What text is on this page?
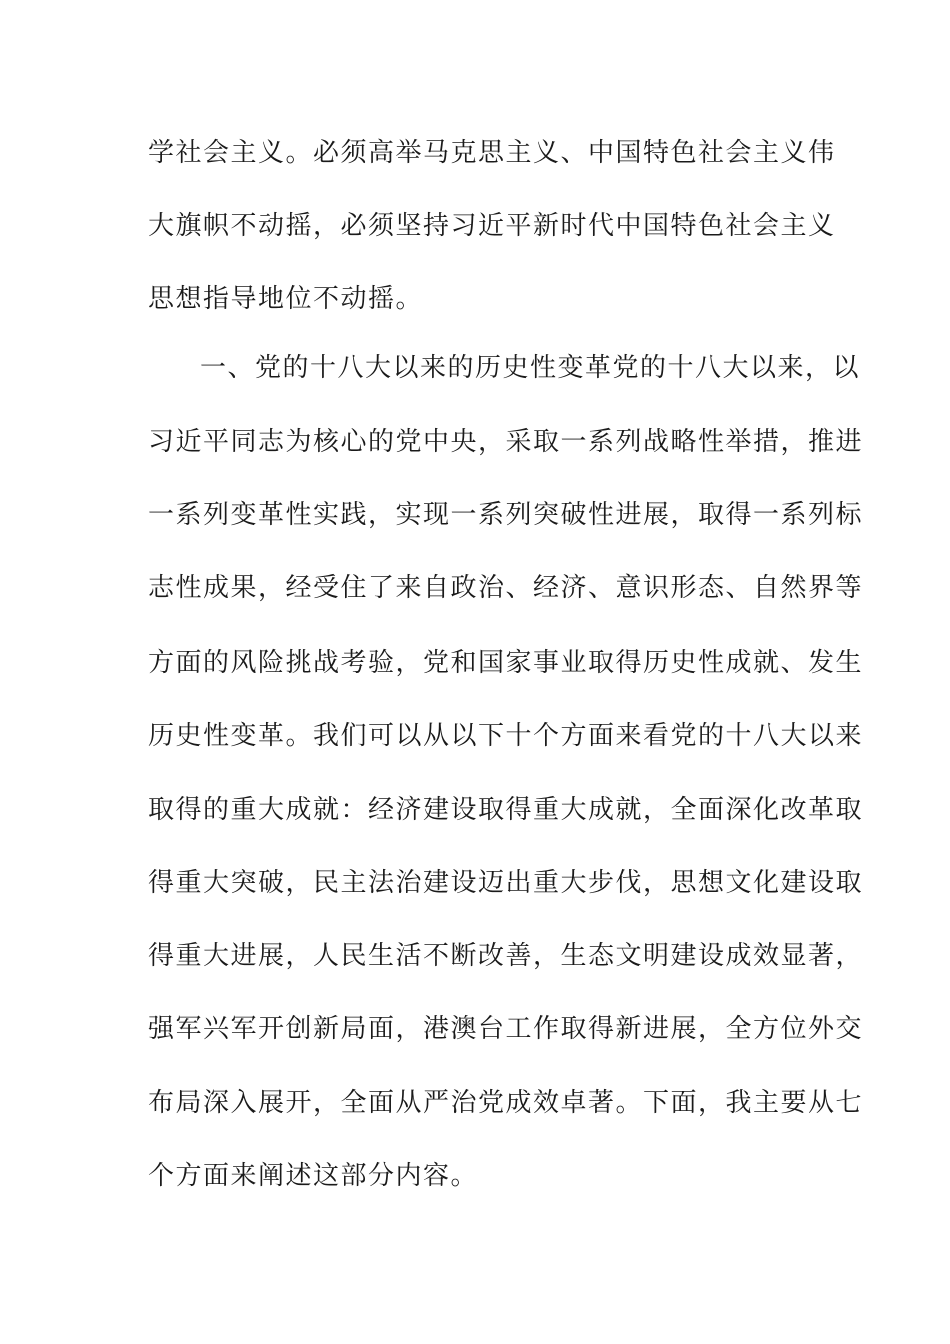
学社会主义。必须高举马克思主义、中国特色社会主义伟
大旗帜不动摇，必须坚持习近平新时代中国特色社会主义
思想指导地位不动摇。
一、党的十八大以来的历史性变革党的十八大以来，以
习近平同志为核心的党中央，采取一系列战略性举措，推进
一系列变革性实践，实现一系列突破性进展，取得一系列标
志性成果，经受住了来自政治、经济、意识形态、自然界等
方面的风险挑战考验，党和国家事业取得历史性成就、发生
历史性变革。我们可以从以下十个方面来看党的十八大以来
取得的重大成就：经济建设取得重大成就，全面深化改革取
得重大突破，民主法治建设迈出重大步伐，思想文化建设取
得重大进展，人民生活不断改善，生态文明建设成效显著，
强军兴军开创新局面，港澳台工作取得新进展，全方位外交
布局深入展开，全面从严治党成效卓著。下面，我主要从七
个方面来阐述这部分内容。
